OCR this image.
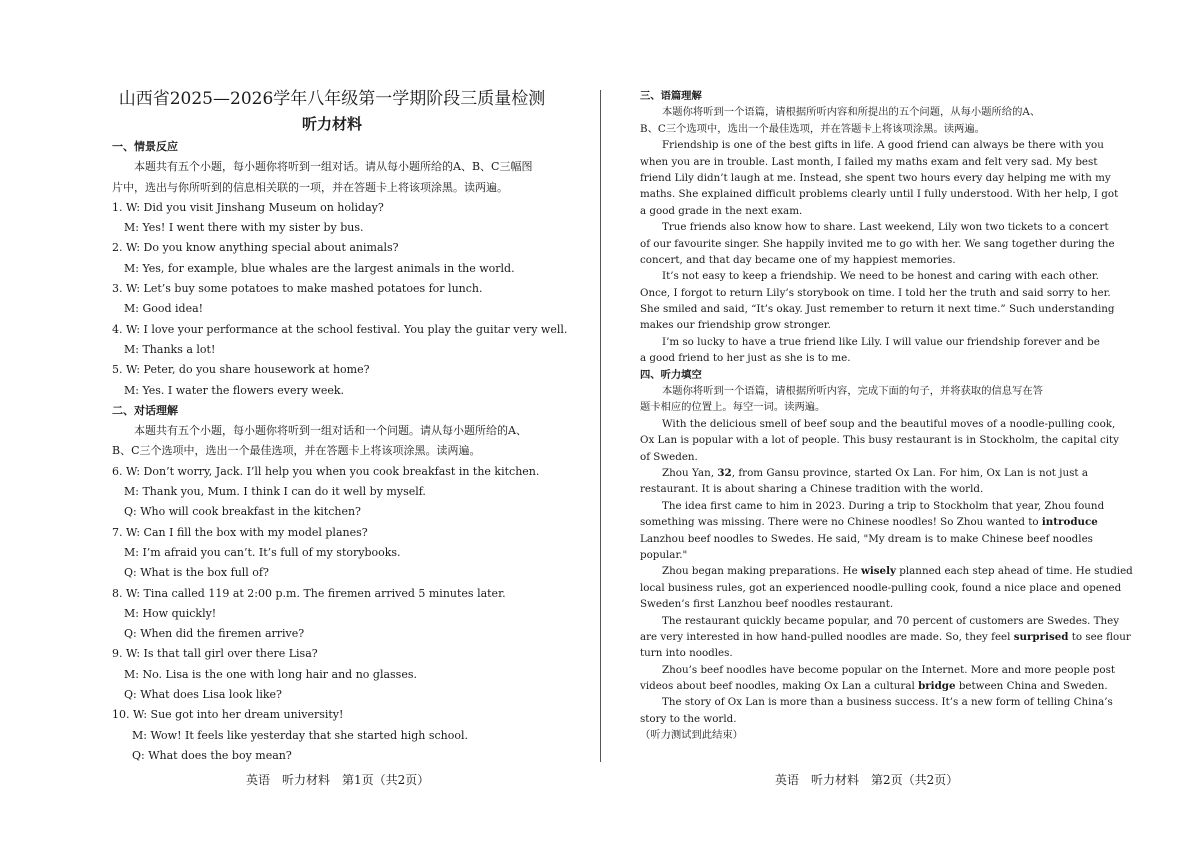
山西省2025—2026学年八年级第一学期阶段三质量检测
听力材料
一、情景反应
本题共有五个小题，每小题你将听到一组对话。请从每小题所给的A、B、C三幅图
片中，选出与你所听到的信息相关联的一项，并在答题卡上将该项涂黑。读两遍。
1. W: Did you visit Jinshang Museum on holiday?
M: Yes! I went there with my sister by bus.
2. W: Do you know anything special about animals?
M: Yes, for example, blue whales are the largest animals in the world.
3. W: Let’s buy some potatoes to make mashed potatoes for lunch.
M: Good idea!
4. W: I love your performance at the school festival. You play the guitar very well.
M: Thanks a lot!
5. W: Peter, do you share housework at home?
M: Yes. I water the flowers every week.
二、对话理解
本题共有五个小题，每小题你将听到一组对话和一个问题。请从每小题所给的A、
B、C三个选项中，选出一个最佳选项，并在答题卡上将该项涂黑。读两遍。
6. W: Don’t worry, Jack. I’ll help you when you cook breakfast in the kitchen.
M: Thank you, Mum. I think I can do it well by myself.
Q: Who will cook breakfast in the kitchen?
7. W: Can I fill the box with my model planes?
M: I’m afraid you can’t. It’s full of my storybooks.
Q: What is the box full of?
8. W: Tina called 119 at 2:00 p.m. The firemen arrived 5 minutes later.
M: How quickly!
Q: When did the firemen arrive?
9. W: Is that tall girl over there Lisa?
M: No. Lisa is the one with long hair and no glasses.
Q: What does Lisa look like?
10. W: Sue got into her dream university!
M: Wow! It feels like yesterday that she started high school.
Q: What does the boy mean?
三、语篇理解
本题你将听到一个语篇，请根据所听内容和所提出的五个问题，从每小题所给的A、
B、C三个选项中，选出一个最佳选项，并在答题卡上将该项涂黑。读两遍。
Friendship is one of the best gifts in life. A good friend can always be there with you
when you are in trouble. Last month, I failed my maths exam and felt very sad. My best
friend Lily didn’t laugh at me. Instead, she spent two hours every day helping me with my
maths. She explained difficult problems clearly until I fully understood. With her help, I got
a good grade in the next exam.
True friends also know how to share. Last weekend, Lily won two tickets to a concert
of our favourite singer. She happily invited me to go with her. We sang together during the
concert, and that day became one of my happiest memories.
It’s not easy to keep a friendship. We need to be honest and caring with each other.
Once, I forgot to return Lily’s storybook on time. I told her the truth and said sorry to her.
She smiled and said, “It’s okay. Just remember to return it next time.” Such understanding
makes our friendship grow stronger.
I’m so lucky to have a true friend like Lily. I will value our friendship forever and be
a good friend to her just as she is to me.
四、听力填空
本题你将听到一个语篇，请根据所听内容，完成下面的句子，并将获取的信息写在答
题卡相应的位置上。每空一词。读两遍。
With the delicious smell of beef soup and the beautiful moves of a noodle-pulling cook,
Ox Lan is popular with a lot of people. This busy restaurant is in Stockholm, the capital city
of Sweden.
Zhou Yan, 32, from Gansu province, started Ox Lan. For him, Ox Lan is not just a
restaurant. It is about sharing a Chinese tradition with the world.
The idea first came to him in 2023. During a trip to Stockholm that year, Zhou found
something was missing. There were no Chinese noodles! So Zhou wanted to introduce
Lanzhou beef noodles to Swedes. He said, "My dream is to make Chinese beef noodles
popular."
Zhou began making preparations. He wisely planned each step ahead of time. He studied
local business rules, got an experienced noodle-pulling cook, found a nice place and opened
Sweden’s first Lanzhou beef noodles restaurant.
The restaurant quickly became popular, and 70 percent of customers are Swedes. They
are very interested in how hand-pulled noodles are made. So, they feel surprised to see flour
turn into noodles.
Zhou’s beef noodles have become popular on the Internet. More and more people post
videos about beef noodles, making Ox Lan a cultural bridge between China and Sweden.
The story of Ox Lan is more than a business success. It’s a new form of telling China’s
story to the world.
（听力测试到此结束）
英语　听力材料　第1页（共2页）	英语　听力材料　第2页（共2页）
